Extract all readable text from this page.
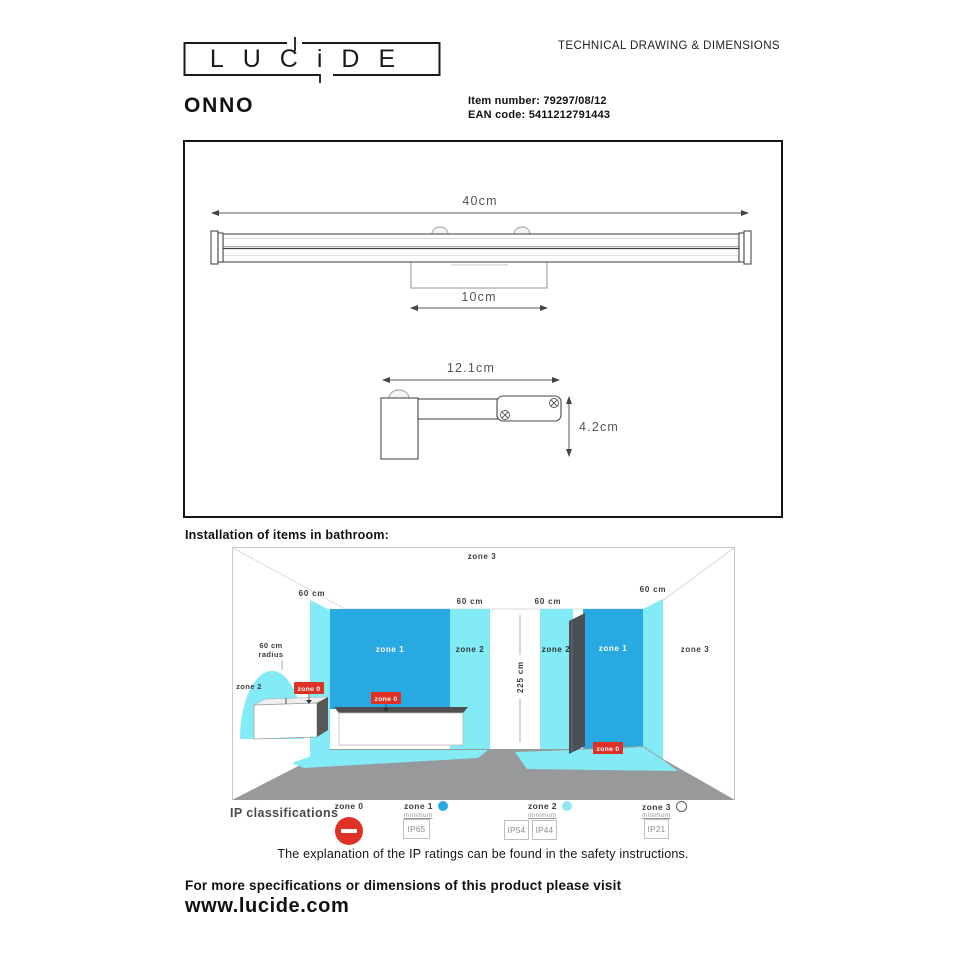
LUCiDE	TECHNICAL DRAWING & DIMENSIONS
ONNO	Item number: 79297/08/12
EAN code: 5411212791443
40cm
10cm
12.1cm
4.2cm
Installation of items in bathroom:
225 cm
zone 0
zone 0
zone 0
60 cm
radius
zone 2
60 cm
60 cm	60 cm
60 cm
zone 3
zone 1	zone 2	zone 2	zone 1	zone 3
IP classifications
zone 0	zone 1
minimum
IP65
zone 2
minimum
IP54	IP44
zone 3
minimum
IP21
The explanation of the IP ratings can be found in the safety instructions.
For more specifications or dimensions of this product please visit
www.lucide.com
